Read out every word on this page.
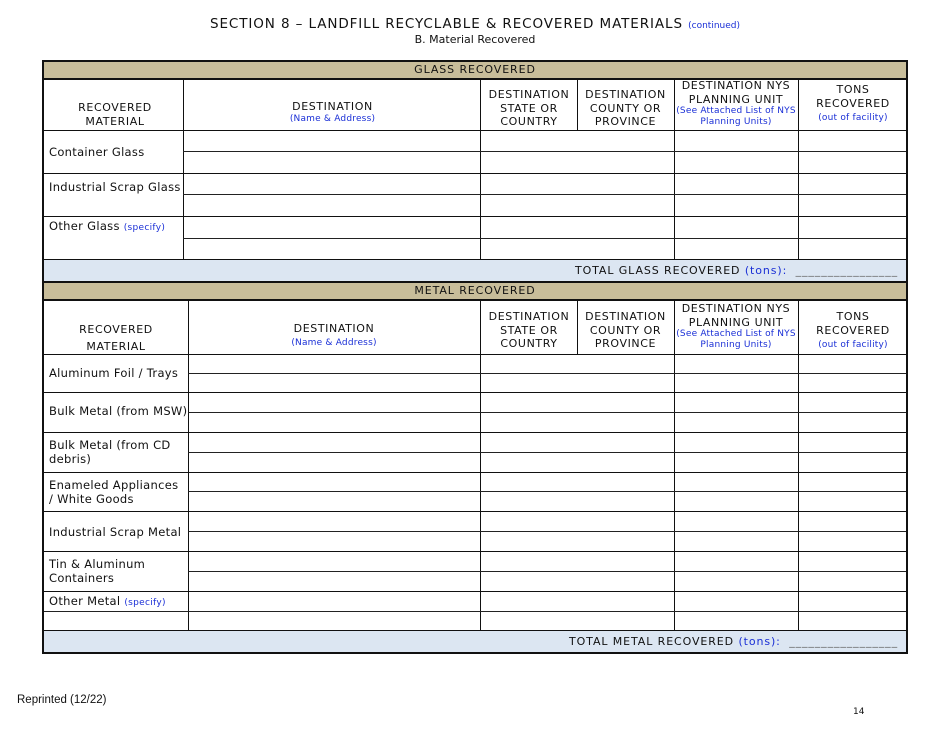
SECTION 8 – LANDFILL RECYCLABLE & RECOVERED MATERIALS (continued)
B. Material Recovered
GLASS RECOVERED
RECOVERED MATERIAL
DESTINATION
(Name & Address)
DESTINATION STATE OR COUNTRY
DESTINATION COUNTY OR PROVINCE
DESTINATION NYS PLANNING UNIT
(See Attached List of NYS Planning Units)
TONS RECOVERED
(out of facility)
Container Glass
Industrial Scrap Glass
Other Glass (specify)
TOTAL GLASS RECOVERED (tons): ________________
METAL RECOVERED
RECOVERED MATERIAL
DESTINATION
(Name & Address)
DESTINATION STATE OR COUNTRY
DESTINATION COUNTY OR PROVINCE
DESTINATION NYS PLANNING UNIT
(See Attached List of NYS Planning Units)
TONS RECOVERED
(out of facility)
Aluminum Foil / Trays
Bulk Metal (from MSW)
Bulk Metal (from CD debris)
Enameled Appliances / White Goods
Industrial Scrap Metal
Tin & Aluminum Containers
Other Metal (specify)
TOTAL METAL RECOVERED (tons): _________________
Reprinted (12/22)
14
